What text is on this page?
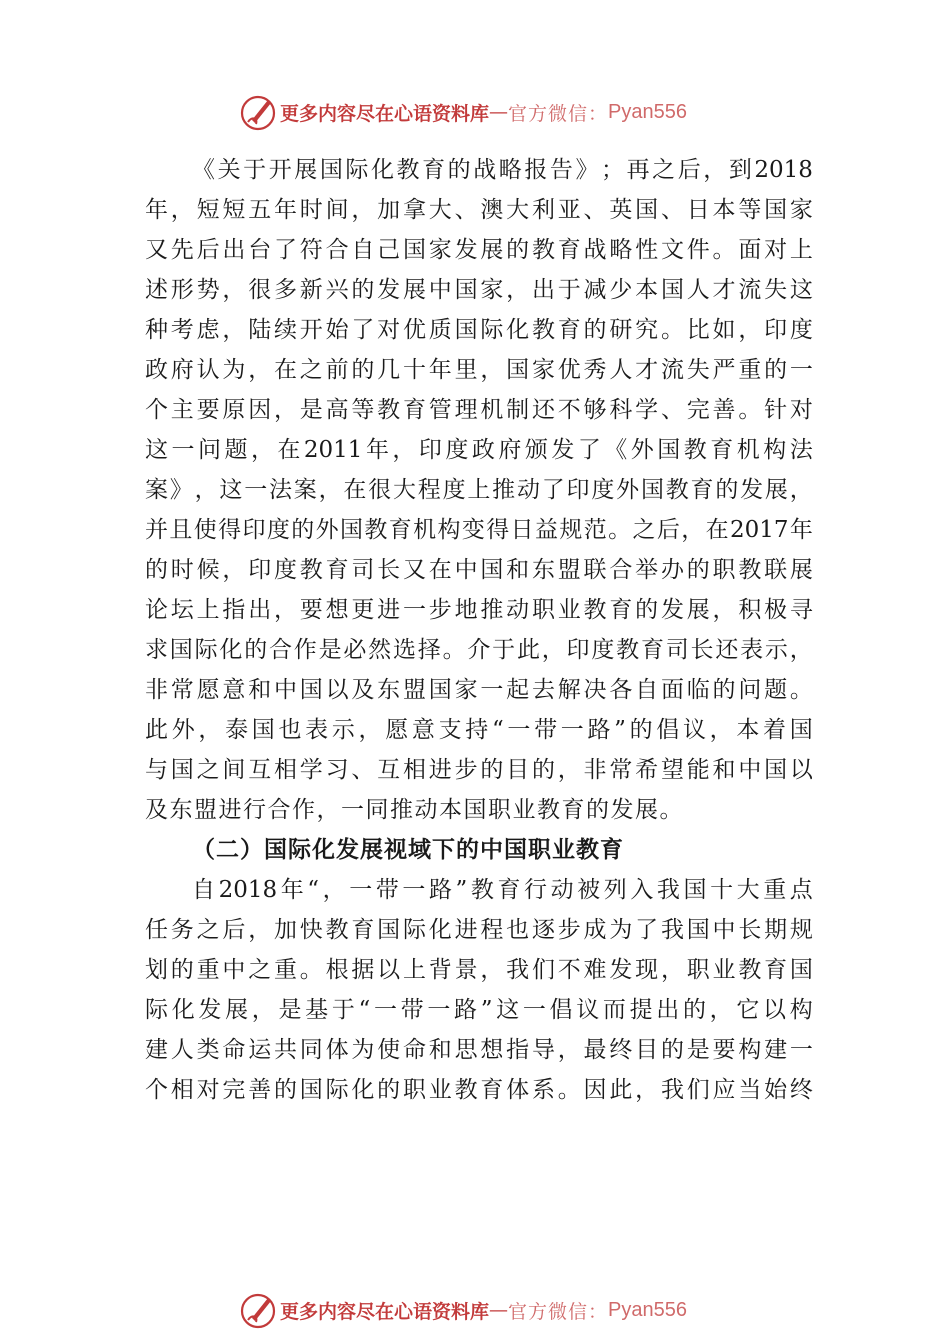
更多内容尽在心语资料库 — 官方微信： Pyan556
《 关 于 开 展 国 际 化 教 育 的 战 略 报 告 》 ； 再 之 后 ， 到 2018
年 ， 短 短 五 年 时 间 ， 加 拿 大 、 澳 大 利 亚 、 英 国 、 日 本 等 国 家
又 先 后 出 台 了 符 合 自 己 国 家 发 展 的 教 育 战 略 性 文 件 。 面 对 上
述 形 势 ， 很 多 新 兴 的 发 展 中 国 家 ， 出 于 减 少 本 国 人 才 流 失 这
种 考 虑 ， 陆 续 开 始 了 对 优 质 国 际 化 教 育 的 研 究 。 比 如 ， 印 度
政 府 认 为 ， 在 之 前 的 几 十 年 里 ， 国 家 优 秀 人 才 流 失 严 重 的 一
个 主 要 原 因 ， 是 高 等 教 育 管 理 机 制 还 不 够 科 学 、 完 善 。 针 对
这 一 问 题 ， 在 2011 年 ， 印 度 政 府 颁 发 了 《 外 国 教 育 机 构 法
案 》 ， 这 一 法 案 ， 在 很 大 程 度 上 推 动 了 印 度 外 国 教 育 的 发 展 ，
并 且 使 得 印 度 的 外 国 教 育 机 构 变 得 日 益 规 范 。 之 后 ， 在 2017 年
的 时 候 ， 印 度 教 育 司 长 又 在 中 国 和 东 盟 联 合 举 办 的 职 教 联 展
论 坛 上 指 出 ， 要 想 更 进 一 步 地 推 动 职 业 教 育 的 发 展 ， 积 极 寻
求 国 际 化 的 合 作 是 必 然 选 择 。 介 于 此 ， 印 度 教 育 司 长 还 表 示 ，
非 常 愿 意 和 中 国 以 及 东 盟 国 家 一 起 去 解 决 各 自 面 临 的 问 题 。
此 外 ， 泰 国 也 表 示 ， 愿 意 支 持 “ 一 带 一 路 ” 的 倡 议 ， 本 着 国
与 国 之 间 互 相 学 习 、 互 相 进 步 的 目 的 ， 非 常 希 望 能 和 中 国 以
及东盟进行合作，一同推动本国职业教育的发展。
（二）国际化发展视域下的中国职业教育
自 2018 年 “ ， 一 带 一 路 ” 教 育 行 动 被 列 入 我 国 十 大 重 点
任 务 之 后 ， 加 快 教 育 国 际 化 进 程 也 逐 步 成 为 了 我 国 中 长 期 规
划 的 重 中 之 重 。 根 据 以 上 背 景 ， 我 们 不 难 发 现 ， 职 业 教 育 国
际 化 发 展 ， 是 基 于 “ 一 带 一 路 ” 这 一 倡 议 而 提 出 的 ， 它 以 构
建 人 类 命 运 共 同 体 为 使 命 和 思 想 指 导 ， 最 终 目 的 是 要 构 建 一
个 相 对 完 善 的 国 际 化 的 职 业 教 育 体 系 。 因 此 ， 我 们 应 当 始 终
更多内容尽在心语资料库 — 官方微信： Pyan556
